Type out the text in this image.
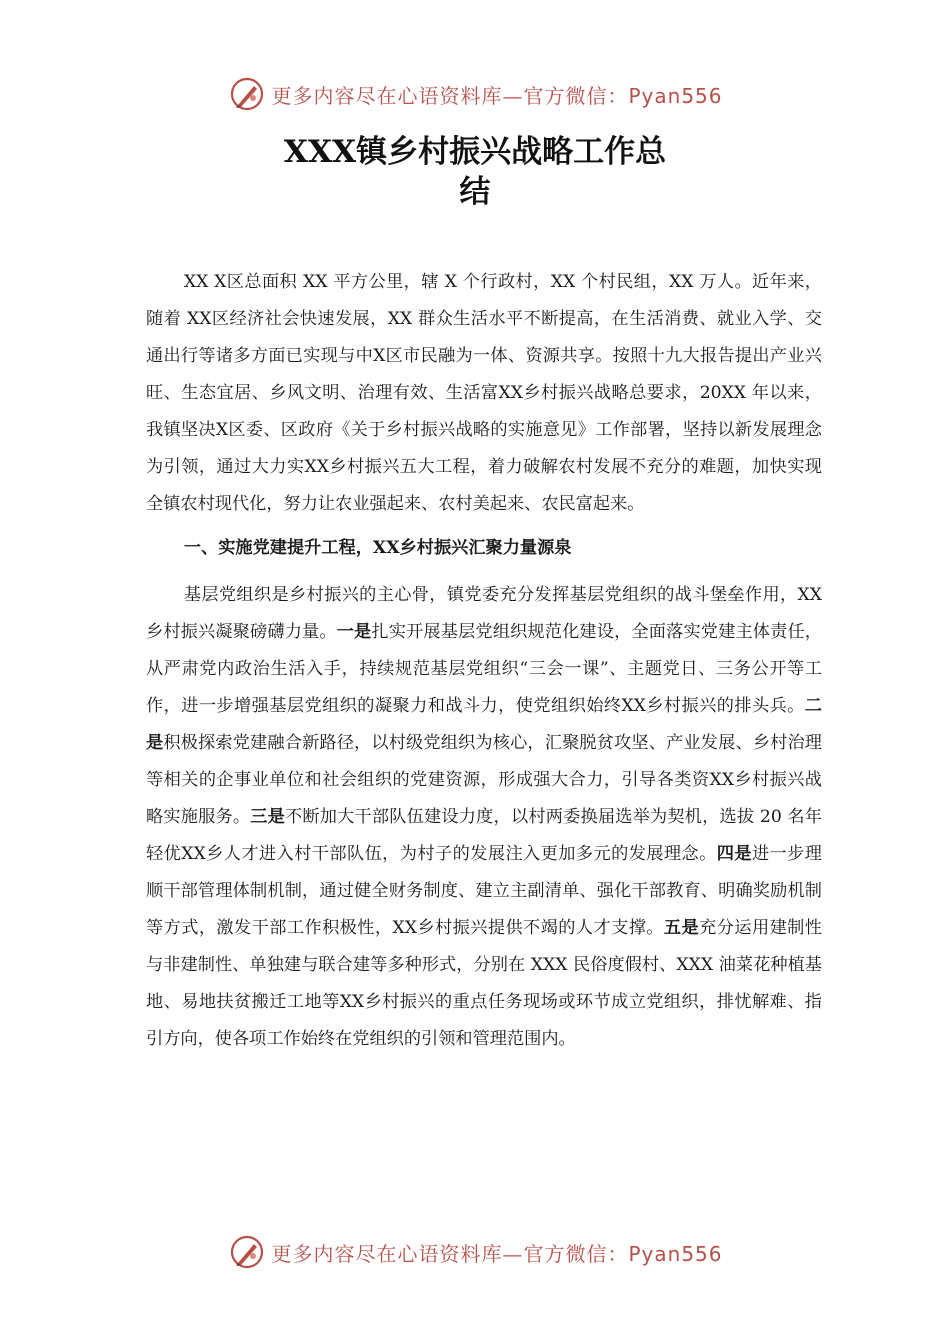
更多内容尽在心语资料库—官方微信：Pyan556
XXX镇乡村振兴战略工作总
结

XX X区总面积 XX 平方公里，辖 X 个行政村，XX 个村民组，XX 万人。近年来，随着 XX区经济社会快速发展，XX 群众生活水平不断提高，在生活消费、就业入学、交通出行等诸多方面已实现与中X区市民融为一体、资源共享。按照十九大报告提出产业兴旺、生态宜居、乡风文明、治理有效、生活富XX乡村振兴战略总要求，20XX 年以来，我镇坚决X区委、区政府《关于乡村振兴战略的实施意见》工作部署，坚持以新发展理念为引领，通过大力实XX乡村振兴五大工程，着力破解农村发展不充分的难题，加快实现全镇农村现代化，努力让农业强起来、农村美起来、农民富起来。

一、实施党建提升工程，XX乡村振兴汇聚力量源泉

基层党组织是乡村振兴的主心骨，镇党委充分发挥基层党组织的战斗堡垒作用，XX乡村振兴凝聚磅礴力量。一是扎实开展基层党组织规范化建设，全面落实党建主体责任，从严肃党内政治生活入手，持续规范基层党组织“三会一课”、主题党日、三务公开等工作，进一步增强基层党组织的凝聚力和战斗力，使党组织始终XX乡村振兴的排头兵。二是积极探索党建融合新路径，以村级党组织为核心，汇聚脱贫攻坚、产业发展、乡村治理等相关的企事业单位和社会组织的党建资源，形成强大合力，引导各类资XX乡村振兴战略实施服务。三是不断加大干部队伍建设力度，以村两委换届选举为契机，选拔 20 名年轻优XX乡人才进入村干部队伍，为村子的发展注入更加多元的发展理念。四是进一步理顺干部管理体制机制，通过健全财务制度、建立主副清单、强化干部教育、明确奖励机制等方式，激发干部工作积极性，XX乡村振兴提供不竭的人才支撑。五是充分运用建制性与非建制性、单独建与联合建等多种形式，分别在 XXX 民俗度假村、XXX 油菜花种植基地、易地扶贫搬迁工地等XX乡村振兴的重点任务现场或环节成立党组织，排忧解难、指引方向，使各项工作始终在党组织的引领和管理范围内。

更多内容尽在心语资料库—官方微信：Pyan556
